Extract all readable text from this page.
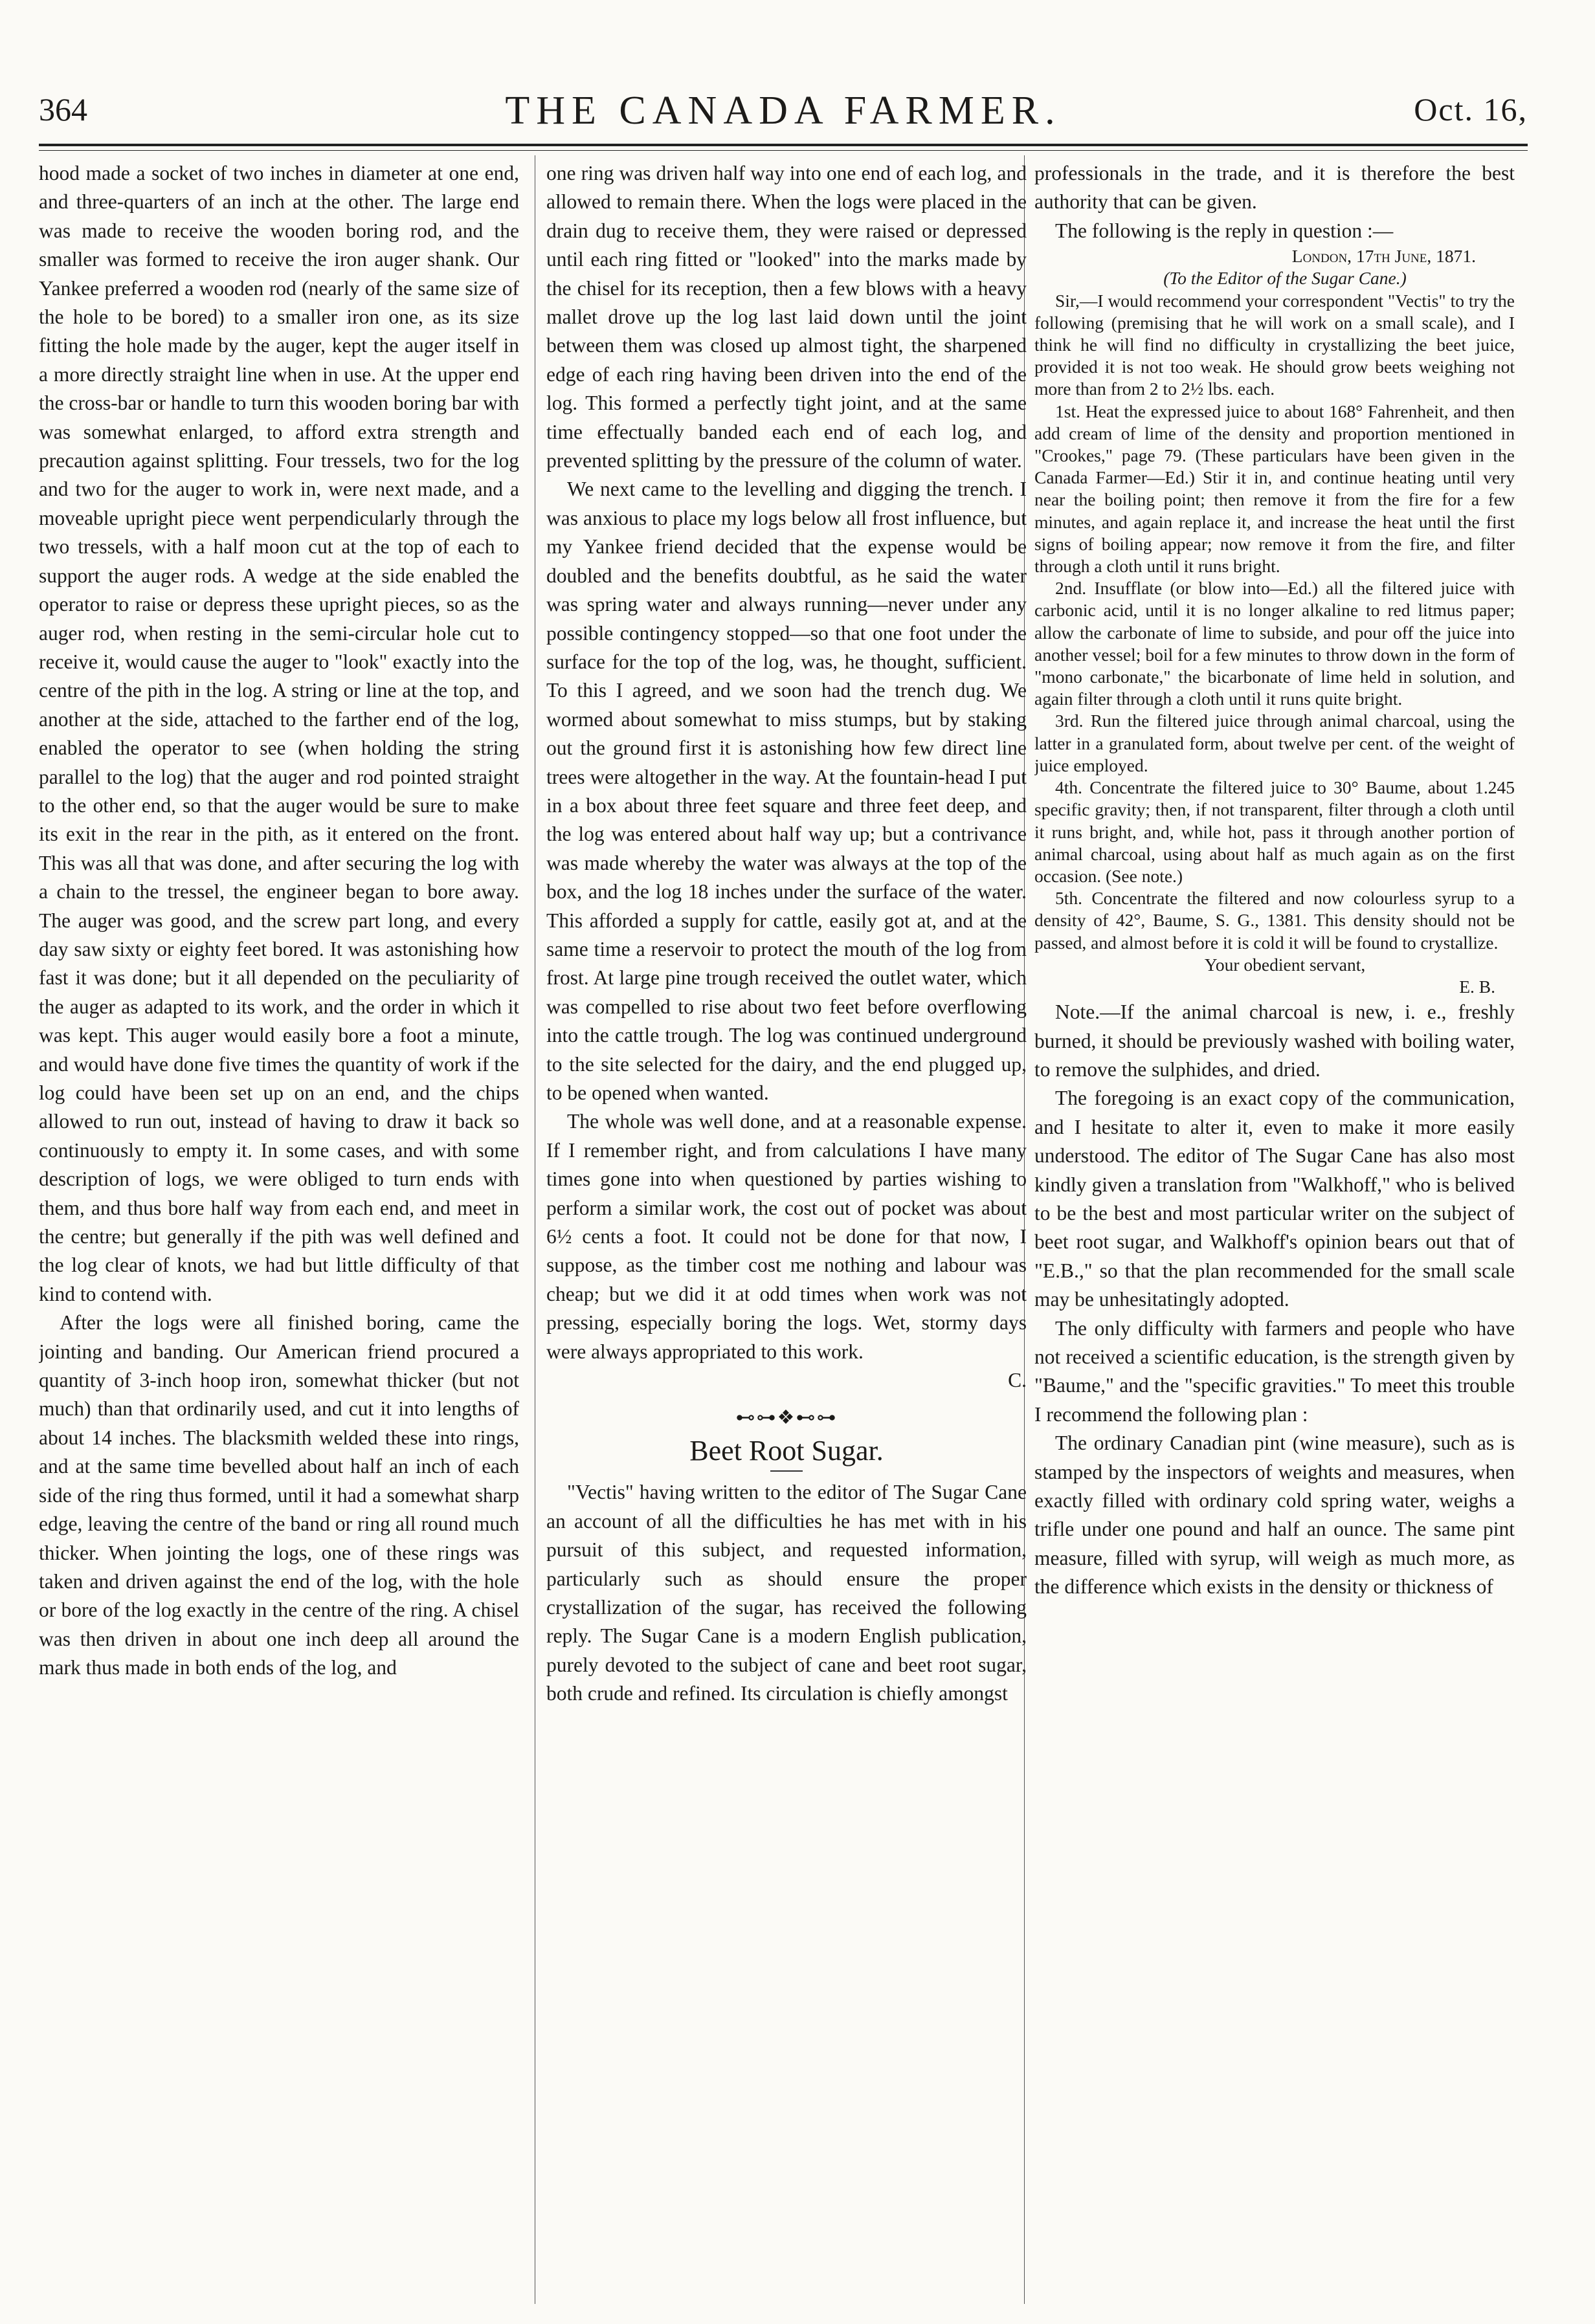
364	THE CANADA FARMER.	Oct. 16,

hood made a socket of two inches in diameter at one end, and three-quarters of an inch at the other. The large end was made to receive the wooden boring rod, and the smaller was formed to receive the iron auger shank. Our Yankee preferred a wooden rod (nearly of the same size of the hole to be bored) to a smaller iron one, as its size fitting the hole made by the auger, kept the auger itself in a more directly straight line when in use. At the upper end the cross-bar or handle to turn this wooden boring bar with was somewhat enlarged, to afford extra strength and precaution against splitting. Four tressels, two for the log and two for the auger to work in, were next made, and a moveable upright piece went perpendicularly through the two tressels, with a half moon cut at the top of each to support the auger rods. A wedge at the side enabled the operator to raise or depress these upright pieces, so as the auger rod, when resting in the semi-circular hole cut to receive it, would cause the auger to "look" exactly into the centre of the pith in the log. A string or line at the top, and another at the side, attached to the farther end of the log, enabled the operator to see (when holding the string parallel to the log) that the auger and rod pointed straight to the other end, so that the auger would be sure to make its exit in the rear in the pith, as it entered on the front. This was all that was done, and after securing the log with a chain to the tressel, the engineer began to bore away. The auger was good, and the screw part long, and every day saw sixty or eighty feet bored. It was astonishing how fast it was done; but it all depended on the peculiarity of the auger as adapted to its work, and the order in which it was kept. This auger would easily bore a foot a minute, and would have done five times the quantity of work if the log could have been set up on an end, and the chips allowed to run out, instead of having to draw it back so continuously to empty it. In some cases, and with some description of logs, we were obliged to turn ends with them, and thus bore half way from each end, and meet in the centre; but generally if the pith was well defined and the log clear of knots, we had but little difficulty of that kind to contend with.

After the logs were all finished boring, came the jointing and banding. Our American friend procured a quantity of 3-inch hoop iron, somewhat thicker (but not much) than that ordinarily used, and cut it into lengths of about 14 inches. The blacksmith welded these into rings, and at the same time bevelled about half an inch of each side of the ring thus formed, until it had a somewhat sharp edge, leaving the centre of the band or ring all round much thicker. When jointing the logs, one of these rings was taken and driven against the end of the log, with the hole or bore of the log exactly in the centre of the ring. A chisel was then driven in about one inch deep all around the mark thus made in both ends of the log, and

one ring was driven half way into one end of each log, and allowed to remain there. When the logs were placed in the drain dug to receive them, they were raised or depressed until each ring fitted or "looked" into the marks made by the chisel for its reception, then a few blows with a heavy mallet drove up the log last laid down until the joint between them was closed up almost tight, the sharpened edge of each ring having been driven into the end of the log. This formed a perfectly tight joint, and at the same time effectually banded each end of each log, and prevented splitting by the pressure of the column of water.

We next came to the levelling and digging the trench. I was anxious to place my logs below all frost influence, but my Yankee friend decided that the expense would be doubled and the benefits doubtful, as he said the water was spring water and always running—never under any possible contingency stopped—so that one foot under the surface for the top of the log, was, he thought, sufficient. To this I agreed, and we soon had the trench dug. We wormed about somewhat to miss stumps, but by staking out the ground first it is astonishing how few direct line trees were altogether in the way. At the fountain-head I put in a box about three feet square and three feet deep, and the log was entered about half way up; but a contrivance was made whereby the water was always at the top of the box, and the log 18 inches under the surface of the water. This afforded a supply for cattle, easily got at, and at the same time a reservoir to protect the mouth of the log from frost. At large pine trough received the outlet water, which was compelled to rise about two feet before overflowing into the cattle trough. The log was continued underground to the site selected for the dairy, and the end plugged up, to be opened when wanted.

The whole was well done, and at a reasonable expense. If I remember right, and from calculations I have many times gone into when questioned by parties wishing to perform a similar work, the cost out of pocket was about 6½ cents a foot. It could not be done for that now, I suppose, as the timber cost me nothing and labour was cheap; but we did it at odd times when work was not pressing, especially boring the logs. Wet, stormy days were always appropriated to this work.

C.

⊷⊶❖⊷⊶
Beet Root Sugar.

"Vectis" having written to the editor of The Sugar Cane an account of all the difficulties he has met with in his pursuit of this subject, and requested information, particularly such as should ensure the proper crystallization of the sugar, has received the following reply. The Sugar Cane is a modern English publication, purely devoted to the subject of cane and beet root sugar, both crude and refined. Its circulation is chiefly amongst

professionals in the trade, and it is therefore the best authority that can be given.

The following is the reply in question :—

London, 17th June, 1871.

(To the Editor of the Sugar Cane.)

Sir,—I would recommend your correspondent "Vectis" to try the following (premising that he will work on a small scale), and I think he will find no difficulty in crystallizing the beet juice, provided it is not too weak. He should grow beets weighing not more than from 2 to 2½ lbs. each.

1st. Heat the expressed juice to about 168° Fahrenheit, and then add cream of lime of the density and proportion mentioned in "Crookes," page 79. (These particulars have been given in the Canada Farmer—Ed.) Stir it in, and continue heating until very near the boiling point; then remove it from the fire for a few minutes, and again replace it, and increase the heat until the first signs of boiling appear; now remove it from the fire, and filter through a cloth until it runs bright.

2nd. Insufflate (or blow into—Ed.) all the filtered juice with carbonic acid, until it is no longer alkaline to red litmus paper; allow the carbonate of lime to subside, and pour off the juice into another vessel; boil for a few minutes to throw down in the form of "mono carbonate," the bicarbonate of lime held in solution, and again filter through a cloth until it runs quite bright.

3rd. Run the filtered juice through animal charcoal, using the latter in a granulated form, about twelve per cent. of the weight of juice employed.

4th. Concentrate the filtered juice to 30° Baume, about 1.245 specific gravity; then, if not transparent, filter through a cloth until it runs bright, and, while hot, pass it through another portion of animal charcoal, using about half as much again as on the first occasion. (See note.)

5th. Concentrate the filtered and now colourless syrup to a density of 42°, Baume, S. G., 1381. This density should not be passed, and almost before it is cold it will be found to crystallize.

Your obedient servant,

E. B.

Note.—If the animal charcoal is new, i. e., freshly burned, it should be previously washed with boiling water, to remove the sulphides, and dried.

The foregoing is an exact copy of the communication, and I hesitate to alter it, even to make it more easily understood. The editor of The Sugar Cane has also most kindly given a translation from "Walkhoff," who is belived to be the best and most particular writer on the subject of beet root sugar, and Walkhoff's opinion bears out that of "E.B.," so that the plan recommended for the small scale may be unhesitatingly adopted.

The only difficulty with farmers and people who have not received a scientific education, is the strength given by "Baume," and the "specific gravities." To meet this trouble I recommend the following plan :

The ordinary Canadian pint (wine measure), such as is stamped by the inspectors of weights and measures, when exactly filled with ordinary cold spring water, weighs a trifle under one pound and half an ounce. The same pint measure, filled with syrup, will weigh as much more, as the difference which exists in the density or thickness of
